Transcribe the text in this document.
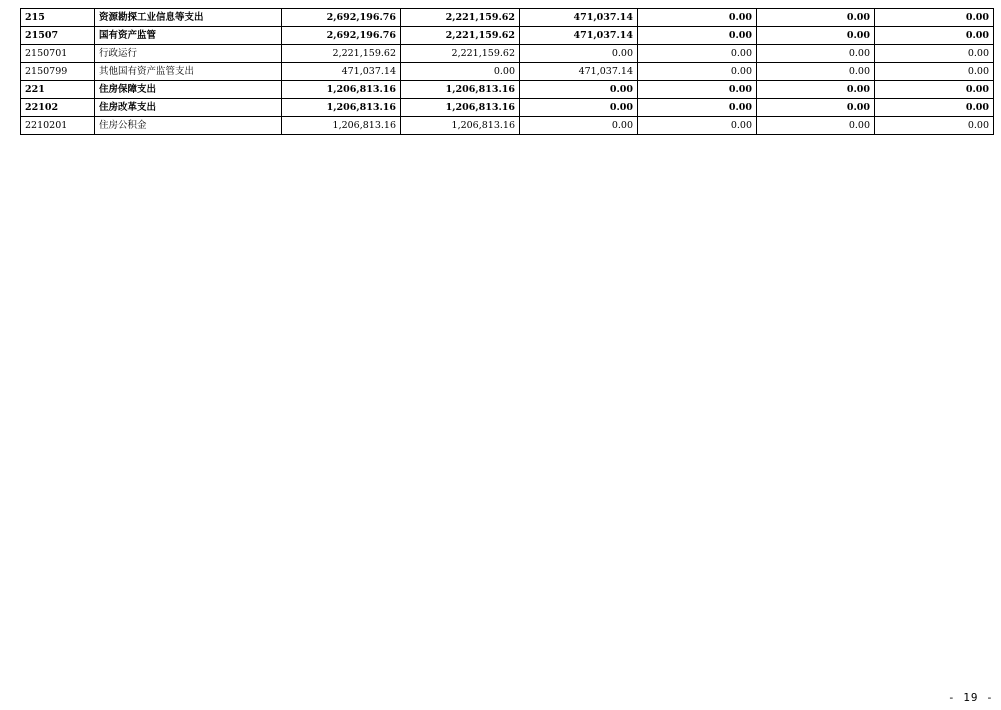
215	资源勘探工业信息等支出	2,692,196.76	2,221,159.62	471,037.14	0.00	0.00	0.00
21507	国有资产监管	2,692,196.76	2,221,159.62	471,037.14	0.00	0.00	0.00
2150701	行政运行	2,221,159.62	2,221,159.62	0.00	0.00	0.00	0.00
2150799	其他国有资产监管支出	471,037.14	0.00	471,037.14	0.00	0.00	0.00
221	住房保障支出	1,206,813.16	1,206,813.16	0.00	0.00	0.00	0.00
22102	住房改革支出	1,206,813.16	1,206,813.16	0.00	0.00	0.00	0.00
2210201	住房公积金	1,206,813.16	1,206,813.16	0.00	0.00	0.00	0.00
- 19 -
